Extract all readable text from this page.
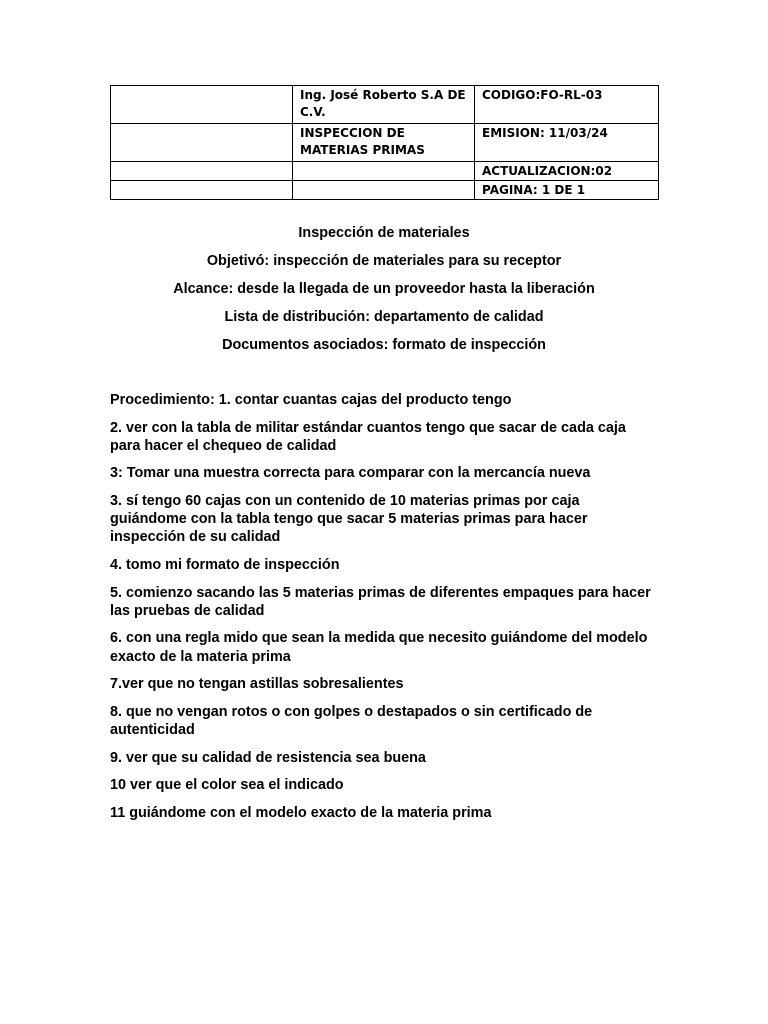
	Ing. José Roberto S.A DE C.V.	CODIGO:FO-RL-03
	INSPECCION DE MATERIAS PRIMAS	EMISION: 11/03/24
		ACTUALIZACION:02
		PAGINA: 1 DE 1
Inspección de materiales
Objetivó: inspección de materiales para su receptor
Alcance: desde la llegada de un proveedor hasta la liberación
Lista de distribución: departamento de calidad
Documentos asociados: formato de inspección

Procedimiento: 1. contar cuantas cajas del producto tengo

2. ver con la tabla de militar estándar cuantos tengo que sacar de cada caja para hacer el chequeo de calidad

3: Tomar una muestra correcta para comparar con la mercancía nueva

3. sí tengo 60 cajas con un contenido de 10 materias primas por caja guiándome con la tabla tengo que sacar 5 materias primas para hacer inspección de su calidad

4. tomo mi formato de inspección

5. comienzo sacando las 5 materias primas de diferentes empaques para hacer las pruebas de calidad

6. con una regla mido que sean la medida que necesito guiándome del modelo exacto de la materia prima

7.ver que no tengan astillas sobresalientes

8. que no vengan rotos o con golpes o destapados o sin certificado de autenticidad

9. ver que su calidad de resistencia sea buena

10 ver que el color sea el indicado

11 guiándome con el modelo exacto de la materia prima
